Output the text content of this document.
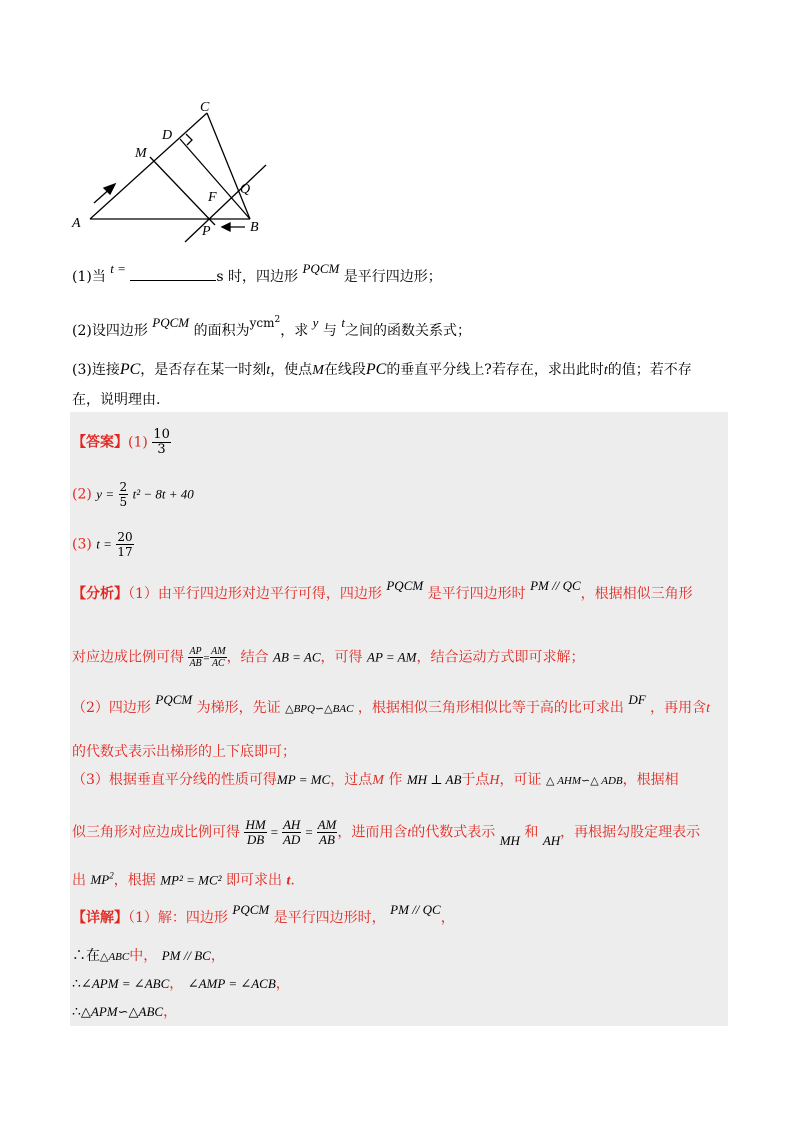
A	B
C
D
M
F
Q
P
(1)当 t = s 时，四边形 PQCM 是平行四边形；
(2)设四边形 PQCM 的面积为ycm$^2$，求 y 与 t之间的函数关系式；
(3)连接PC，是否存在某一时刻t，使点M在线段PC的垂直平分线上?若存在，求出此时t的值；若不存
在，说明理由.
【答案】$(1) \frac{10}{3}$
(2) $y = \frac{2}{5} t^2 - 8t + 40$
(3) $t = \frac{20}{17}$
【分析】（1）由平行四边形对边平行可得，四边形 PQCM 是平行四边形时 PM // QC，根据相似三角形
对应边成比例可得 $\frac{AP}{AB} = \frac{AM}{AC}$ ，结合 AB = AC，可得 AP = AM，结合运动方式即可求解；
（2）四边形 PQCM 为梯形，先证 △BPQ∽△BAC ，根据相似三角形相似比等于高的比可求出 DF ，再用含t
的代数式表示出梯形的上下底即可；
（3）根据垂直平分线的性质可得MP = MC，过点M 作 MH ⊥ AB于点H，可证 △ AHM∽△ ADB，根据相
似三角形对应边成比例可得 $\frac{HM}{DB} = \frac{AH}{AD} = \frac{AM}{AB}$ ，进而用含t的代数式表示 MH 和 AH，再根据勾股定理表示
出 $MP^2$，根据 MP² = MC² 即可求出 t.
【详解】（1）解：四边形 PQCM 是平行四边形时， PM // QC，
∴在△ABC中， PM // BC，
∴∠APM = ∠ABC， ∠AMP = ∠ACB，
∴△APM∽△ABC，
